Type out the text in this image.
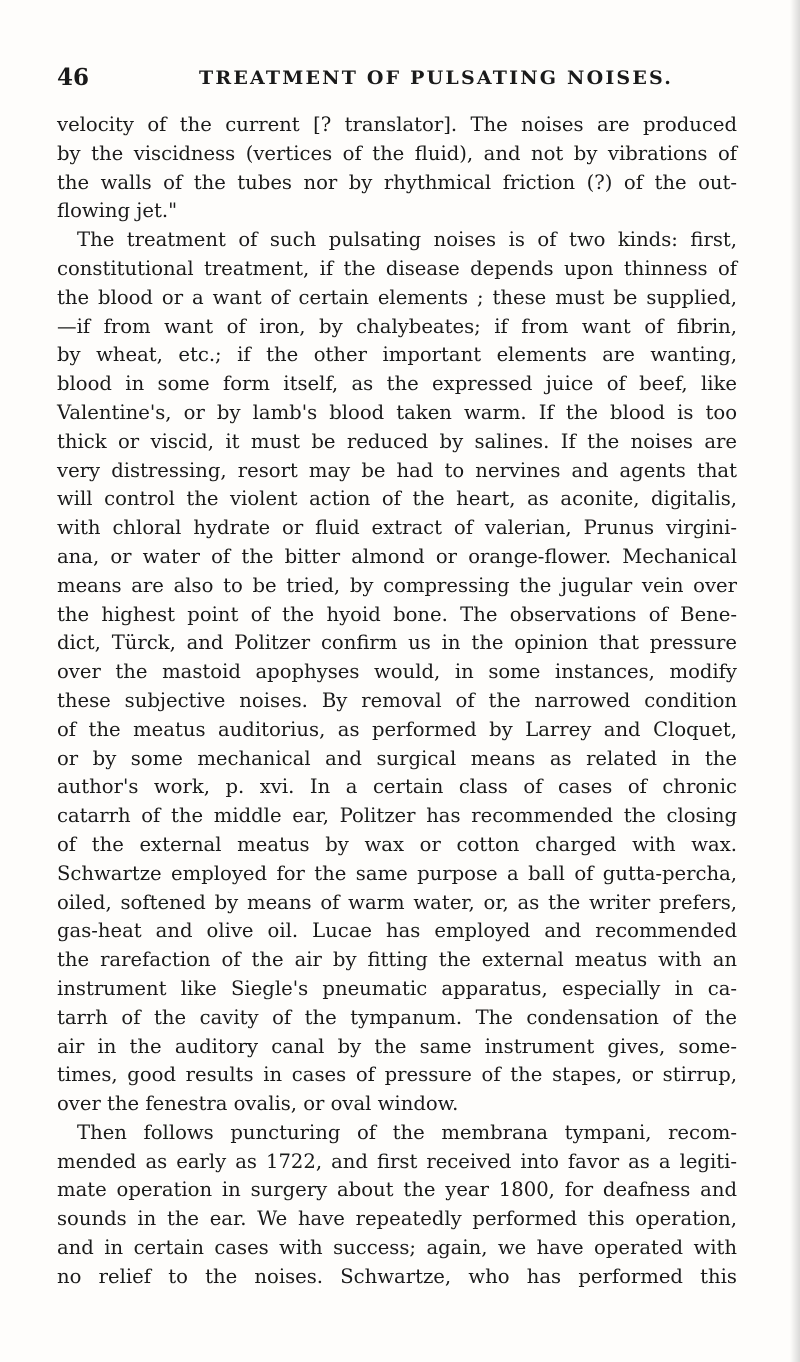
46	TREATMENT OF PULSATING NOISES.
velocity of the current [? translator]. The noises are produced
by the viscidness (vertices of the fluid), and not by vibrations of
the walls of the tubes nor by rhythmical friction (?) of the out-
flowing jet."
The treatment of such pulsating noises is of two kinds: first,
constitutional treatment, if the disease depends upon thinness of
the blood or a want of certain elements ; these must be supplied,
—if from want of iron, by chalybeates; if from want of fibrin,
by wheat, etc.; if the other important elements are wanting,
blood in some form itself, as the expressed juice of beef, like
Valentine's, or by lamb's blood taken warm. If the blood is too
thick or viscid, it must be reduced by salines. If the noises are
very distressing, resort may be had to nervines and agents that
will control the violent action of the heart, as aconite, digitalis,
with chloral hydrate or fluid extract of valerian, Prunus virgini-
ana, or water of the bitter almond or orange-flower. Mechanical
means are also to be tried, by compressing the jugular vein over
the highest point of the hyoid bone. The observations of Bene-
dict, Türck, and Politzer confirm us in the opinion that pressure
over the mastoid apophyses would, in some instances, modify
these subjective noises. By removal of the narrowed condition
of the meatus auditorius, as performed by Larrey and Cloquet,
or by some mechanical and surgical means as related in the
author's work, p. xvi. In a certain class of cases of chronic
catarrh of the middle ear, Politzer has recommended the closing
of the external meatus by wax or cotton charged with wax.
Schwartze employed for the same purpose a ball of gutta-percha,
oiled, softened by means of warm water, or, as the writer prefers,
gas-heat and olive oil. Lucae has employed and recommended
the rarefaction of the air by fitting the external meatus with an
instrument like Siegle's pneumatic apparatus, especially in ca-
tarrh of the cavity of the tympanum. The condensation of the
air in the auditory canal by the same instrument gives, some-
times, good results in cases of pressure of the stapes, or stirrup,
over the fenestra ovalis, or oval window.
Then follows puncturing of the membrana tympani, recom-
mended as early as 1722, and first received into favor as a legiti-
mate operation in surgery about the year 1800, for deafness and
sounds in the ear. We have repeatedly performed this operation,
and in certain cases with success; again, we have operated with
no relief to the noises. Schwartze, who has performed this
